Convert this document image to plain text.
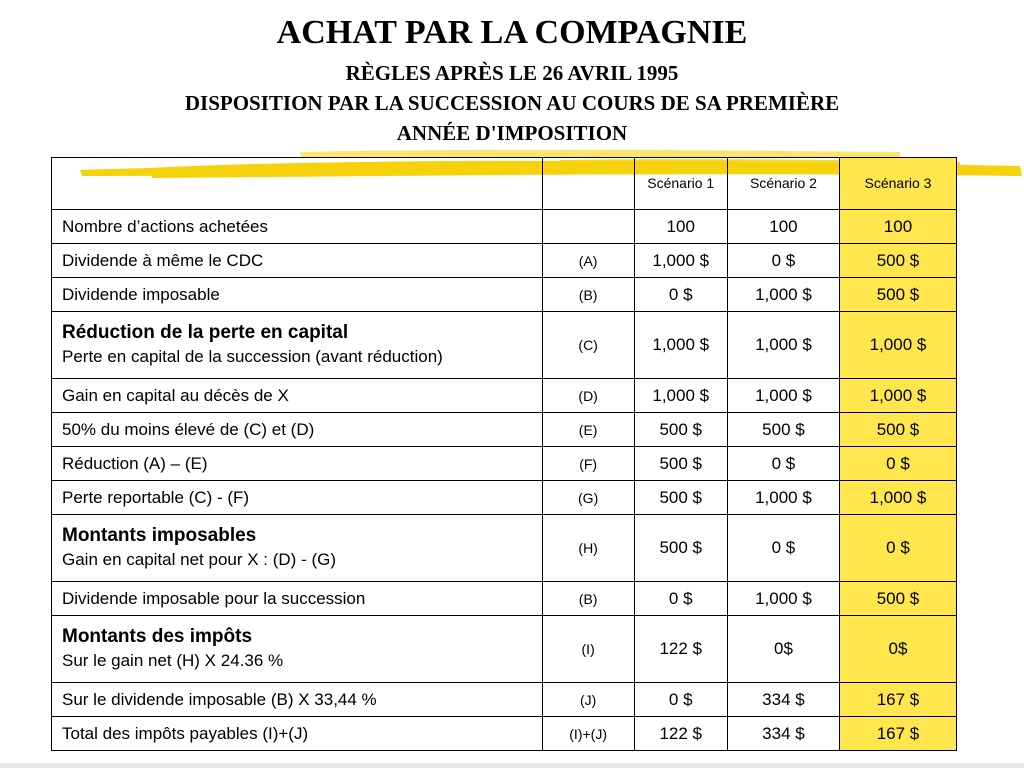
ACHAT PAR LA COMPAGNIE
RÈGLES APRÈS LE 26 AVRIL 1995
DISPOSITION PAR LA SUCCESSION AU COURS DE SA PREMIÈRE
ANNÉE D'IMPOSITION
		Scénario 1	Scénario 2	Scénario 3
Nombre d’actions achetées		100	100	100
Dividende à même le CDC	(A)	1,000 $	0 $	500 $
Dividende imposable	(B)	0 $	1,000 $	500 $

Réduction de la perte en capital
Perte en capital de la succession (avant réduction)	(C)	1,000 $	1,000 $	1,000 $
Gain en capital au décès de X	(D)	1,000 $	1,000 $	1,000 $
50% du moins élevé de (C) et (D)	(E)	500 $	500 $	500 $
Réduction (A) – (E)	(F)	500 $	0 $	0 $
Perte reportable (C) - (F)	(G)	500 $	1,000 $	1,000 $

Montants imposables
Gain en capital net pour X : (D) - (G)	(H)	500 $	0 $	0 $
Dividende imposable pour la succession	(B)	0 $	1,000 $	500 $

Montants des impôts
Sur le gain net (H) X 24.36 %	(I)	122 $	0$	0$
Sur le dividende imposable (B) X 33,44 %	(J)	0 $	334 $	167 $
Total des impôts payables (I)+(J)	(I)+(J)	122 $	334 $	167 $
